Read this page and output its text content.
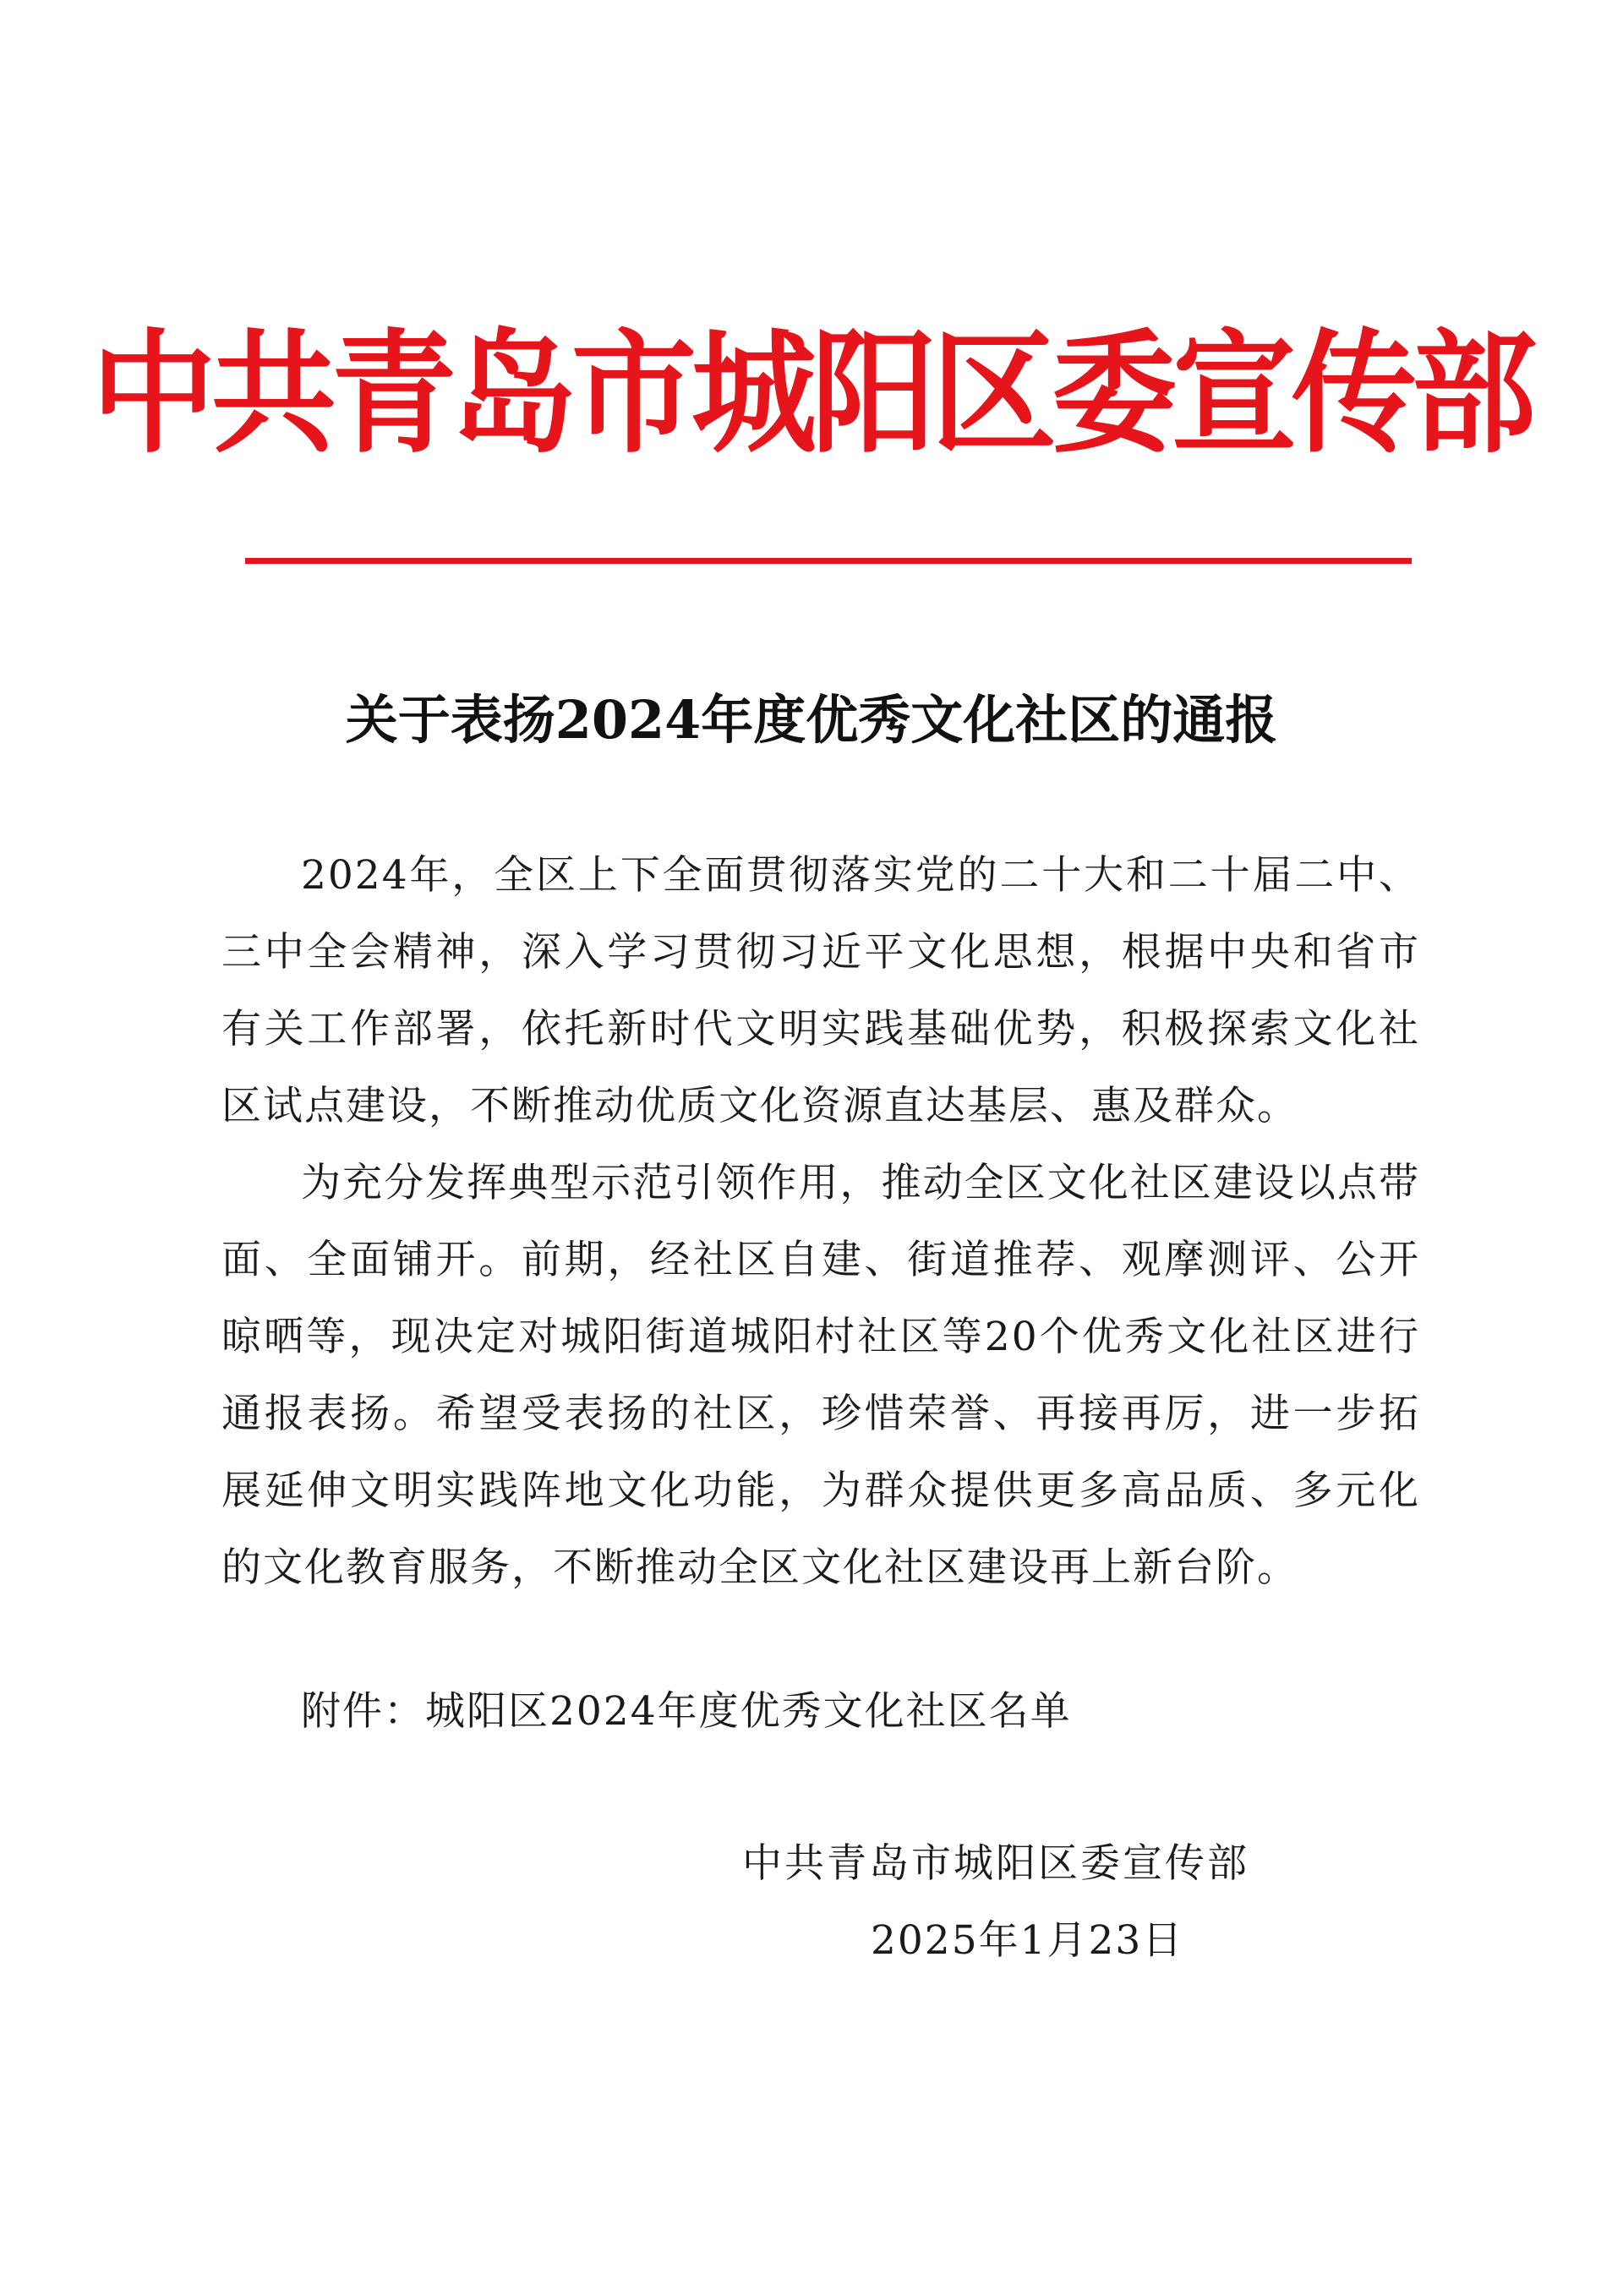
中共青岛市城阳区委宣传部
关于表扬2024年度优秀文化社区的通报

2024年，全区上下全面贯彻落实党的二十大和二十届二中、三中全会精神，深入学习贯彻习近平文化思想，根据中央和省市有关工作部署，依托新时代文明实践基础优势，积极探索文化社区试点建设，不断推动优质文化资源直达基层、惠及群众。

为充分发挥典型示范引领作用，推动全区文化社区建设以点带面、全面铺开。前期，经社区自建、街道推荐、观摩测评、公开晾晒等，现决定对城阳街道城阳村社区等20个优秀文化社区进行通报表扬。希望受表扬的社区，珍惜荣誉、再接再厉，进一步拓展延伸文明实践阵地文化功能，为群众提供更多高品质、多元化的文化教育服务，不断推动全区文化社区建设再上新台阶。

附件：城阳区2024年度优秀文化社区名单
中共青岛市城阳区委宣传部
2025年1月23日
